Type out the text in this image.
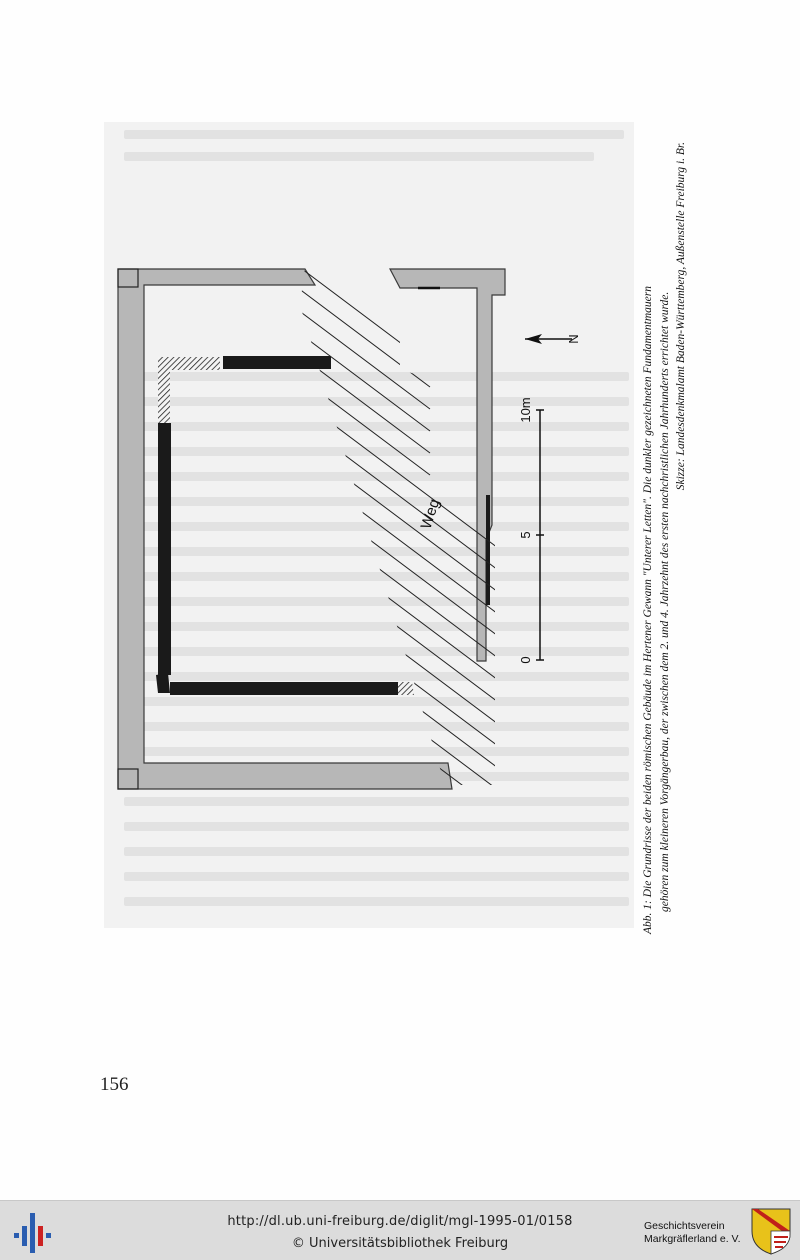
Weg
0
5
10m
N	Abb. 1: Die Grundrisse der beiden römischen Gebäude im Hertener Gewann "Unterer Letten". Die dunkler gezeichneten Fundamentmauern gehören zum kleineren Vorgängerbau, der zwischen dem 2. und 4. Jahrzehnt des ersten nachchristlichen Jahrhunderts errichtet wurde. Skizze: Landesdenkmalamt Baden-Württemberg, Außenstelle Freiburg i. Br.

156
http://dl.ub.uni-freiburg.de/diglit/mgl-1995-01/0158
© Universitätsbibliothek Freiburg
Geschichtsverein
Markgräflerland e. V.
